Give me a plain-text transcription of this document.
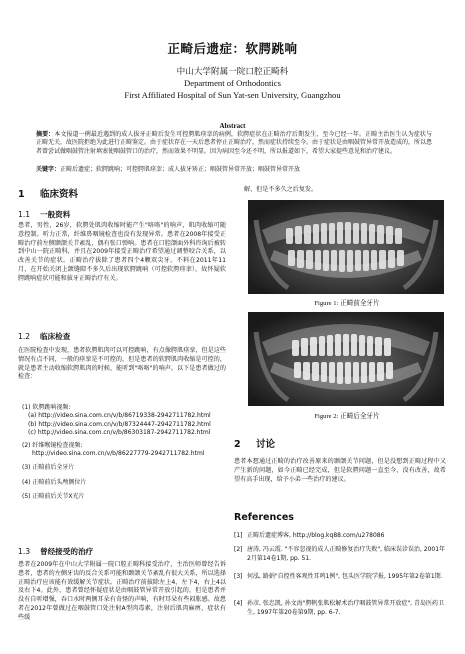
正畸后遗症：软腭跳响
中山大学附属一院口腔正畸科
Department of Orthodontics
First Affiliated Hospital of Sun Yat-sen University, Guangzhou
Abstract
摘要：本文报道一例最近遇到的成人拔牙正畸后发生可控腭肌痉挛的病例，软腭症状在正畸治疗后期发生，至今已经一年。正畸主治医生认为症状与正畸无关，故医院拒绝为此进行正畸鉴定。由于症状存在一天后患者停止正畸治疗，然而症状持续至今。由于症状是由咽鼓管异常开放造成的，所以患者曾尝试做咽鼓管注射填塞使咽鼓管口的治疗，然而效果不明显。因为病因至今还不明，所以报道如下，希望大家提些意见和治疗建议。
关键字：正畸后遗症；软腭跳响；可控腭肌痉挛；成人拔牙矫正；咽鼓管异常开放；咽鼓管异常开放
1 临床资料
1.1 一般资料
患者，男性，26岁，软腭处肌肉收缩时能产生"咯咯"的响声，肌肉收缩可随意控制。听力正常，纤维鼻咽镜检查也没有发现异常。患者在2008年接受正畸治疗前左侧颞颌关节紊乱，偶有张口弹响。患者在口腔颌面外科咨询后被转到中山一院正畸科，并且在2009年接受正畸治疗希望通过调整咬合关系，以改善关节的症状。正畸治疗拔除了患者四个4颗双尖牙。不料在2011年11月，在开始关闭上颌缝隙不多久后出现软腭跳响（可控软腭痉挛），故怀疑软腭跳响症状可能和拔牙正畸治疗有关。
1.2 临床检查
在医院检查中发现，患者软腭肌肉可以可控跳响，有点像腭肌痉挛，但是这些情况有点不同，一般的痉挛是不可控的，但是患者的软腭肌肉收缩是可控的，就是患者主动收缩软腭肌肉的时候，能听到"咯咯"的响声。以下是患者做过的检查：
(1) 软腭跳响视频:
(a) http://video.sina.com.cn/v/b/86719338-2942711782.html
(b) http://video.sina.com.cn/v/b/87324447-2942711782.html
(c) http://video.sina.com.cn/v/b/86303187-2942711782.html
(2) 纤维喉镜检查视频:
http://video.sina.com.cn/v/b/86227779-2942711782.html
(3) 正畸前后全牙片
(4) 正畸前后头颅侧位片
(5) 正畸前后关节X光片
1.3 曾经接受的治疗
患者在2009年在中山大学附属一院口腔正畸科接受治疗，主治医师曾经告诉患者，患者的左侧牙齿的反合关系可能和颞颌关节紊乱有很大关系，所以选择正畸治疗应该能有效缓解关节症状。正畸治疗前拔除左上4、左下4，右上4以及右下4。此外，患者曾经怀疑症状是由咽鼓管异常开放引起的，但是患者并没有自听增强，吞口水时两侧耳朵有奇怪的声响，有时耳朵有些闷胀感。故患者在2012年曾做过在咽鼓管口处注射A型肉毒素，注射后肌肉麻痹，症状有些缓
解，但是不多久之后复发。
Figure 1: 正畸前全牙片
Figure 2: 正畸后全牙片
2 讨论
患者本想通过正畸的治疗改善原来的颞颌关节问题，但是没想到正畸过程中又产生新的问题，如今正畸已经完成，但是软腭问题一直至今，没有改善，故希望有高手出现，给予小弟一些治疗的建议。
References
[1] 正畸后遗症博客, http://blog.kq88.com/u278086
[2] 唐涛, 冯云霞. "不容忽视的成人正畸修复治疗失败", 临床误诊误治, 2001年2月第14卷1期, pp. 51.
[3] 何泓, 路娟"自控性客观性耳鸣1例", 包头医学院学报, 1995年第2卷第1期.
[4] 孙彦, 张忠凯, 孙文海"腭帆张肌松解术治疗咽鼓管异常开放症", 青岛医药卫生, 1997年第20卷第9期, pp. 6-7.
